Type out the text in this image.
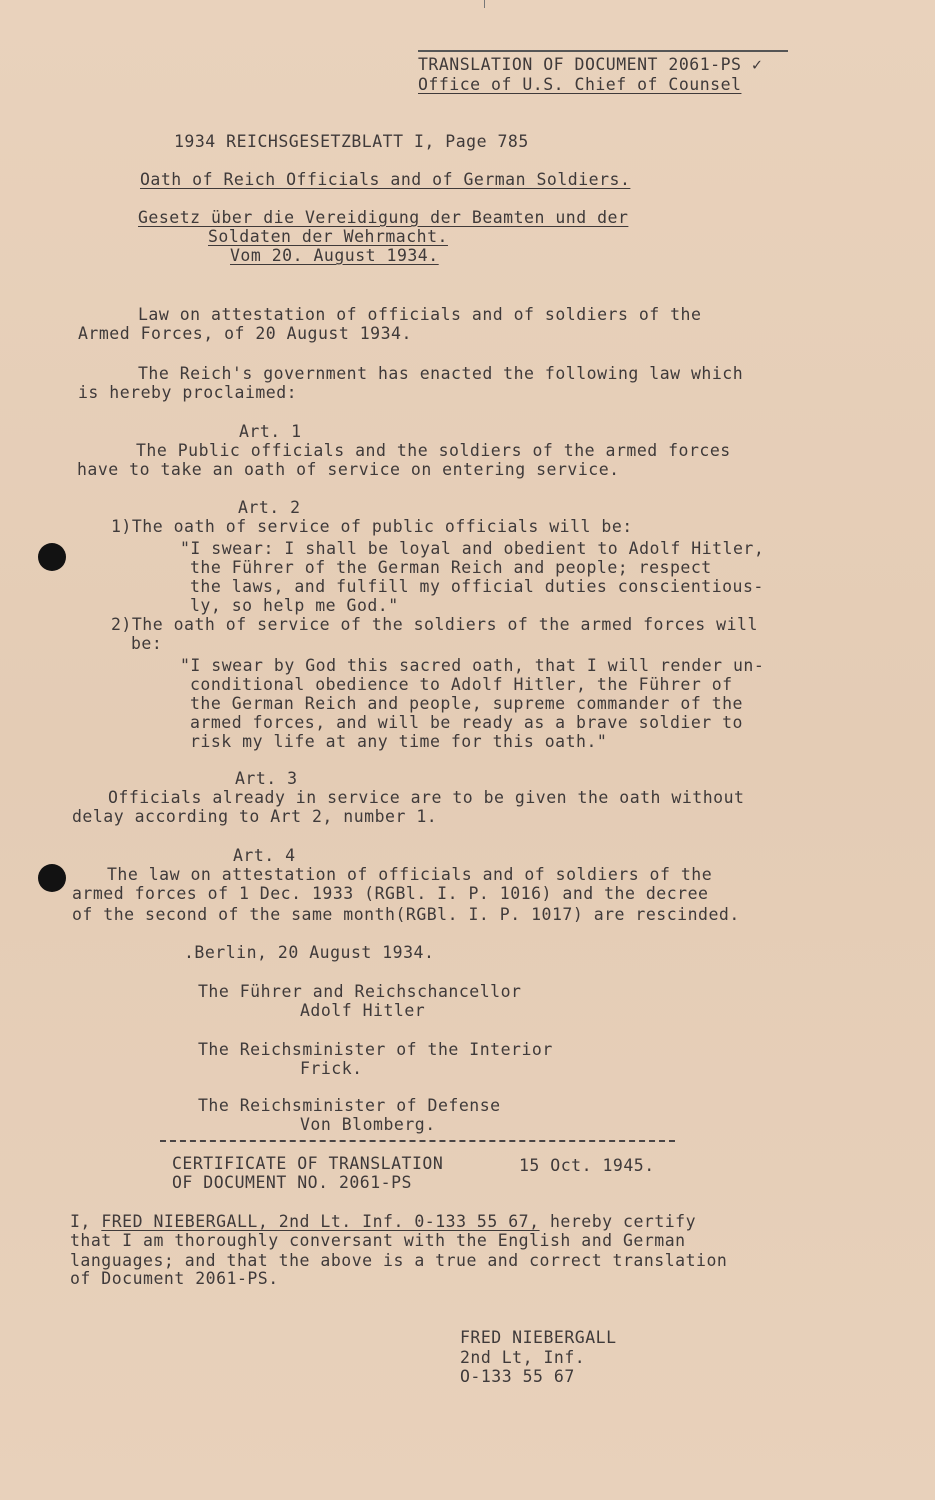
TRANSLATION OF DOCUMENT 2061-PS ✓
Office of U.S. Chief of Counsel
1934 REICHSGESETZBLATT I, Page 785
Oath of Reich Officials and of German Soldiers.
Gesetz über die Vereidigung der Beamten und der
Soldaten der Wehrmacht.
Vom 20. August 1934.
Law on attestation of officials and of soldiers of the
Armed Forces, of 20 August 1934.
The Reich's government has enacted the following law which
is hereby proclaimed:
Art. 1
The Public officials and the soldiers of the armed forces
have to take an oath of service on entering service.
Art. 2
1)The oath of service of public officials will be:
"I swear: I shall be loyal and obedient to Adolf Hitler,
the Führer of the German Reich and people; respect
the laws, and fulfill my official duties conscientious-
ly, so help me God."
2)The oath of service of the soldiers of the armed forces will
be:
"I swear by God this sacred oath, that I will render un-
conditional obedience to Adolf Hitler, the Führer of
the German Reich and people, supreme commander of the
armed forces, and will be ready as a brave soldier to
risk my life at any time for this oath."
Art. 3
Officials already in service are to be given the oath without
delay according to Art 2, number 1.
Art. 4
The law on attestation of officials and of soldiers of the
armed forces of 1 Dec. 1933 (RGBl. I. P. 1016) and the decree
of the second of the same month(RGBl. I. P. 1017) are rescinded.
.Berlin, 20 August 1934.
The Führer and Reichschancellor
Adolf Hitler
The Reichsminister of the Interior
Frick.
The Reichsminister of Defense
Von Blomberg.
CERTIFICATE OF TRANSLATION	15 Oct. 1945.
OF DOCUMENT NO. 2061-PS
I, FRED NIEBERGALL, 2nd Lt. Inf. 0-133 55 67, hereby certify
that I am thoroughly conversant with the English and German
languages; and that the above is a true and correct translation
of Document 2061-PS.
FRED NIEBERGALL
2nd Lt, Inf.
O-133 55 67
